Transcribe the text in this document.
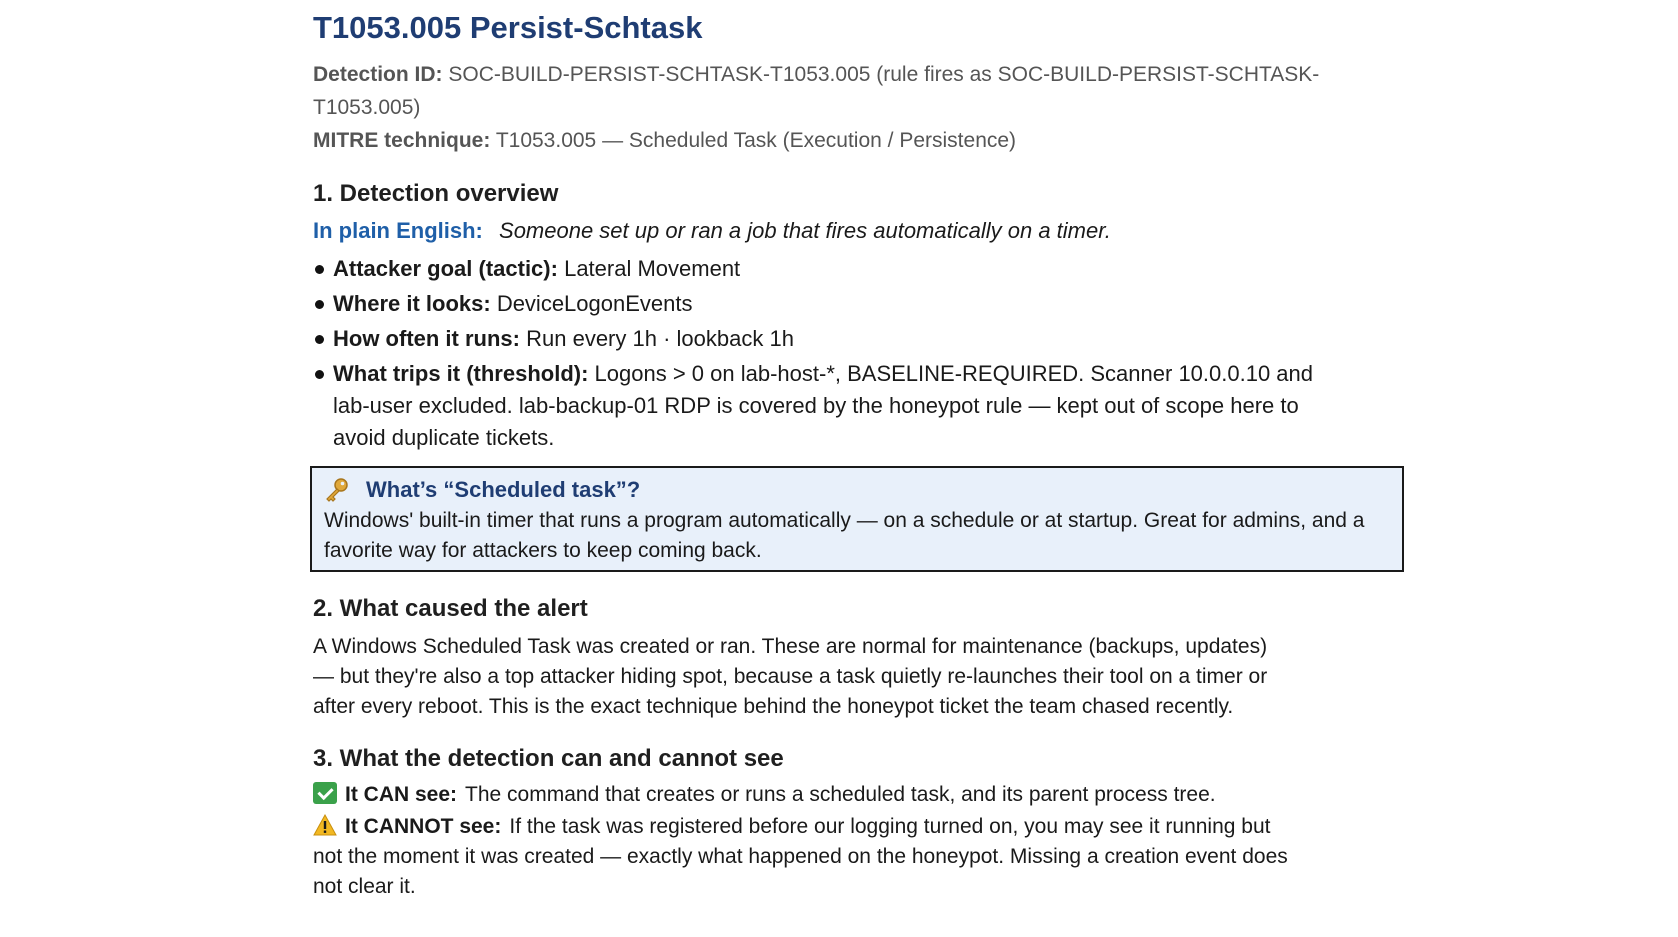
T1053.005 Persist-Schtask
Detection ID: SOC-BUILD-PERSIST-SCHTASK-T1053.005 (rule fires as SOC-BUILD-PERSIST-SCHTASK-T1053.005)
MITRE technique: T1053.005 — Scheduled Task (Execution / Persistence)
1. Detection overview
In plain English: Someone set up or ran a job that fires automatically on a timer.
Attacker goal (tactic): Lateral Movement
Where it looks: DeviceLogonEvents
How often it runs: Run every 1h · lookback 1h
What trips it (threshold): Logons > 0 on lab-host-*, BASELINE-REQUIRED. Scanner 10.0.0.10 and lab-user excluded. lab-backup-01 RDP is covered by the honeypot rule — kept out of scope here to avoid duplicate tickets.
What’s “Scheduled task”?
Windows' built-in timer that runs a program automatically — on a schedule or at startup. Great for admins, and a favorite way for attackers to keep coming back.
2. What caused the alert
A Windows Scheduled Task was created or ran. These are normal for maintenance (backups, updates) — but they're also a top attacker hiding spot, because a task quietly re-launches their tool on a timer or after every reboot. This is the exact technique behind the honeypot ticket the team chased recently.
3. What the detection can and cannot see
It CAN see: The command that creates or runs a scheduled task, and its parent process tree.
It CANNOT see: If the task was registered before our logging turned on, you may see it running but not the moment it was created — exactly what happened on the honeypot. Missing a creation event does not clear it.
